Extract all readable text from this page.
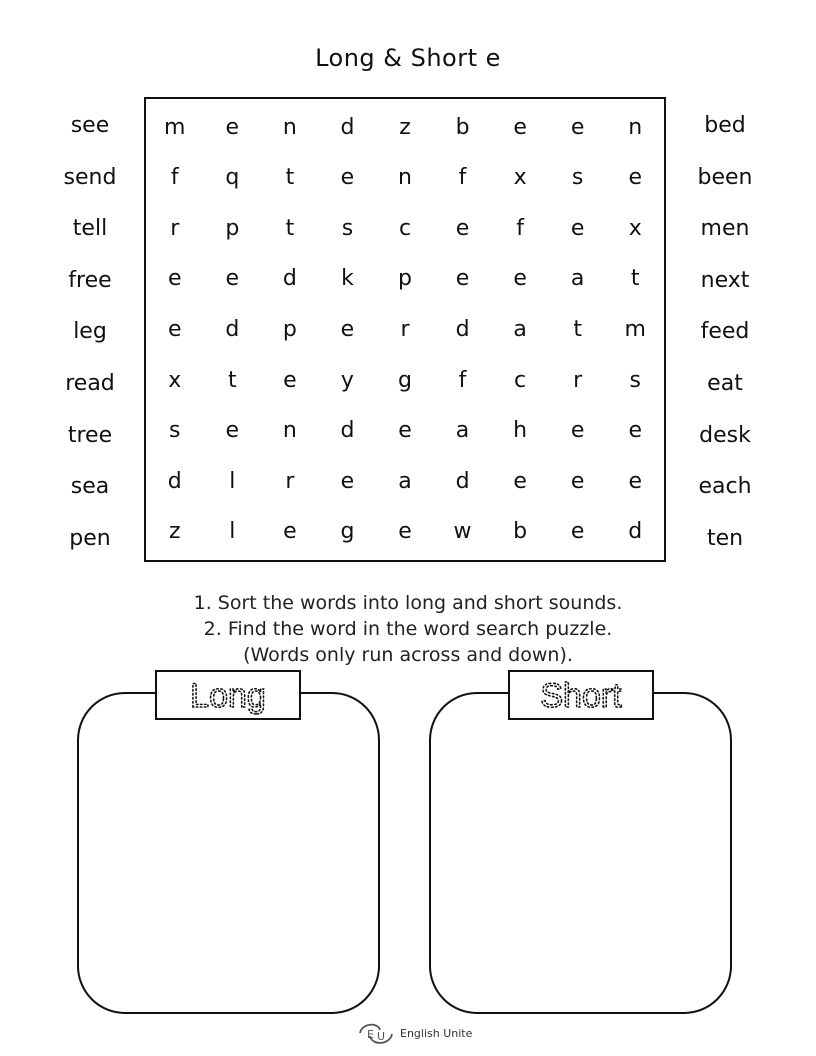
Long & Short e
see
send
tell
free
leg
read
tree
sea
pen
m	e	n	d	z	b	e	e	n
f	q	t	e	n	f	x	s	e
r	p	t	s	c	e	f	e	x
e	e	d	k	p	e	e	a	t
e	d	p	e	r	d	a	t	m
x	t	e	y	g	f	c	r	s
s	e	n	d	e	a	h	e	e
d	l	r	e	a	d	e	e	e
z	l	e	g	e	w	b	e	d
bed
been
men
next
feed
eat
desk
each
ten
1. Sort the words into long and short sounds.
2. Find the word in the word search puzzle.
(Words only run across and down).
Long	Short
E U English Unite
